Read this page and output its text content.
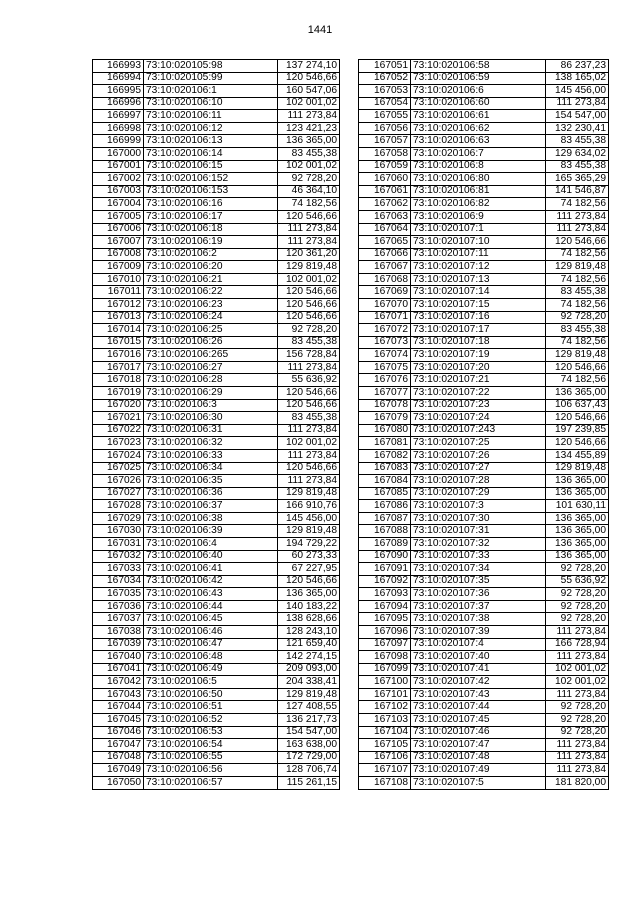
1441
166993	73:10:020105:98	137 274,10
166994	73:10:020105:99	120 546,66
166995	73:10:020106:1	160 547,06
166996	73:10:020106:10	102 001,02
166997	73:10:020106:11	111 273,84
166998	73:10:020106:12	123 421,23
166999	73:10:020106:13	136 365,00
167000	73:10:020106:14	83 455,38
167001	73:10:020106:15	102 001,02
167002	73:10:020106:152	92 728,20
167003	73:10:020106:153	46 364,10
167004	73:10:020106:16	74 182,56
167005	73:10:020106:17	120 546,66
167006	73:10:020106:18	111 273,84
167007	73:10:020106:19	111 273,84
167008	73:10:020106:2	120 361,20
167009	73:10:020106:20	129 819,48
167010	73:10:020106:21	102 001,02
167011	73:10:020106:22	120 546,66
167012	73:10:020106:23	120 546,66
167013	73:10:020106:24	120 546,66
167014	73:10:020106:25	92 728,20
167015	73:10:020106:26	83 455,38
167016	73:10:020106:265	156 728,84
167017	73:10:020106:27	111 273,84
167018	73:10:020106:28	55 636,92
167019	73:10:020106:29	120 546,66
167020	73:10:020106:3	120 546,66
167021	73:10:020106:30	83 455,38
167022	73:10:020106:31	111 273,84
167023	73:10:020106:32	102 001,02
167024	73:10:020106:33	111 273,84
167025	73:10:020106:34	120 546,66
167026	73:10:020106:35	111 273,84
167027	73:10:020106:36	129 819,48
167028	73:10:020106:37	166 910,76
167029	73:10:020106:38	145 456,00
167030	73:10:020106:39	129 819,48
167031	73:10:020106:4	194 729,22
167032	73:10:020106:40	60 273,33
167033	73:10:020106:41	67 227,95
167034	73:10:020106:42	120 546,66
167035	73:10:020106:43	136 365,00
167036	73:10:020106:44	140 183,22
167037	73:10:020106:45	138 628,66
167038	73:10:020106:46	128 243,10
167039	73:10:020106:47	121 659,40
167040	73:10:020106:48	142 274,15
167041	73:10:020106:49	209 093,00
167042	73:10:020106:5	204 338,41
167043	73:10:020106:50	129 819,48
167044	73:10:020106:51	127 408,55
167045	73:10:020106:52	136 217,73
167046	73:10:020106:53	154 547,00
167047	73:10:020106:54	163 638,00
167048	73:10:020106:55	172 729,00
167049	73:10:020106:56	128 706,74
167050	73:10:020106:57	115 261,15
167051	73:10:020106:58	86 237,23
167052	73:10:020106:59	138 165,02
167053	73:10:020106:6	145 456,00
167054	73:10:020106:60	111 273,84
167055	73:10:020106:61	154 547,00
167056	73:10:020106:62	132 230,41
167057	73:10:020106:63	83 455,38
167058	73:10:020106:7	129 634,02
167059	73:10:020106:8	83 455,38
167060	73:10:020106:80	165 365,29
167061	73:10:020106:81	141 546,87
167062	73:10:020106:82	74 182,56
167063	73:10:020106:9	111 273,84
167064	73:10:020107:1	111 273,84
167065	73:10:020107:10	120 546,66
167066	73:10:020107:11	74 182,56
167067	73:10:020107:12	129 819,48
167068	73:10:020107:13	74 182,56
167069	73:10:020107:14	83 455,38
167070	73:10:020107:15	74 182,56
167071	73:10:020107:16	92 728,20
167072	73:10:020107:17	83 455,38
167073	73:10:020107:18	74 182,56
167074	73:10:020107:19	129 819,48
167075	73:10:020107:20	120 546,66
167076	73:10:020107:21	74 182,56
167077	73:10:020107:22	136 365,00
167078	73:10:020107:23	106 637,43
167079	73:10:020107:24	120 546,66
167080	73:10:020107:243	197 239,85
167081	73:10:020107:25	120 546,66
167082	73:10:020107:26	134 455,89
167083	73:10:020107:27	129 819,48
167084	73:10:020107:28	136 365,00
167085	73:10:020107:29	136 365,00
167086	73:10:020107:3	101 630,11
167087	73:10:020107:30	136 365,00
167088	73:10:020107:31	136 365,00
167089	73:10:020107:32	136 365,00
167090	73:10:020107:33	136 365,00
167091	73:10:020107:34	92 728,20
167092	73:10:020107:35	55 636,92
167093	73:10:020107:36	92 728,20
167094	73:10:020107:37	92 728,20
167095	73:10:020107:38	92 728,20
167096	73:10:020107:39	111 273,84
167097	73:10:020107:4	166 728,94
167098	73:10:020107:40	111 273,84
167099	73:10:020107:41	102 001,02
167100	73:10:020107:42	102 001,02
167101	73:10:020107:43	111 273,84
167102	73:10:020107:44	92 728,20
167103	73:10:020107:45	92 728,20
167104	73:10:020107:46	92 728,20
167105	73:10:020107:47	111 273,84
167106	73:10:020107:48	111 273,84
167107	73:10:020107:49	111 273,84
167108	73:10:020107:5	181 820,00
